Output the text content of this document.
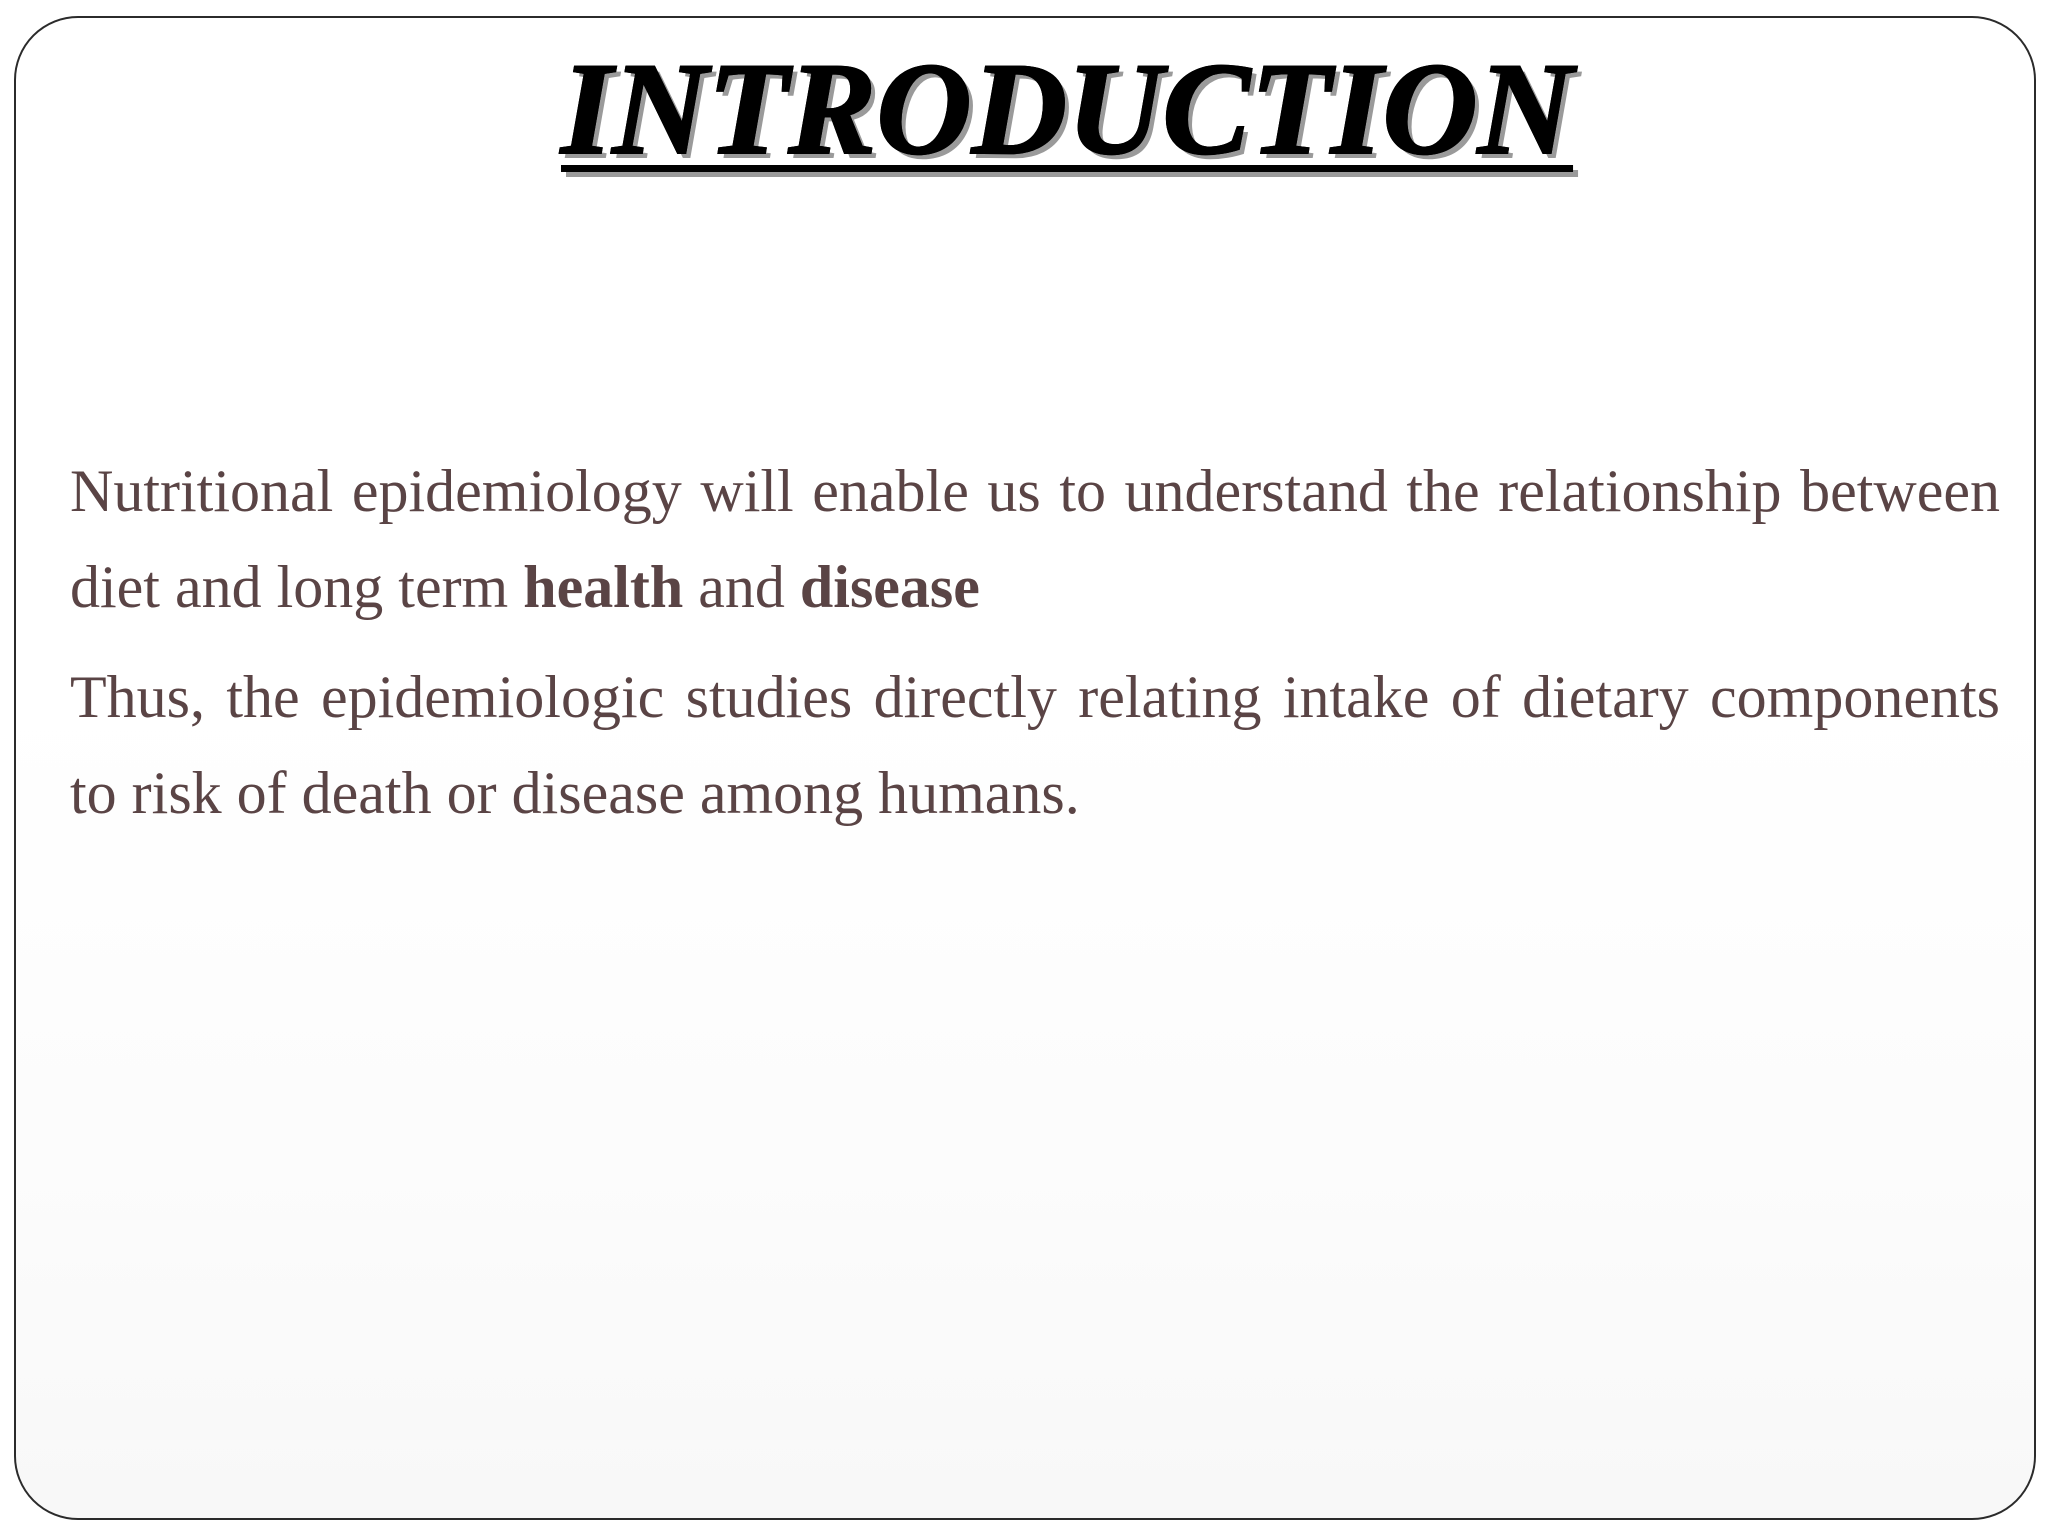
INTRODUCTION

Nutritional epidemiology will enable us to understand the relationship between diet and long term health and disease

Thus, the epidemiologic studies directly relating intake of dietary components to risk of death or disease among humans.
